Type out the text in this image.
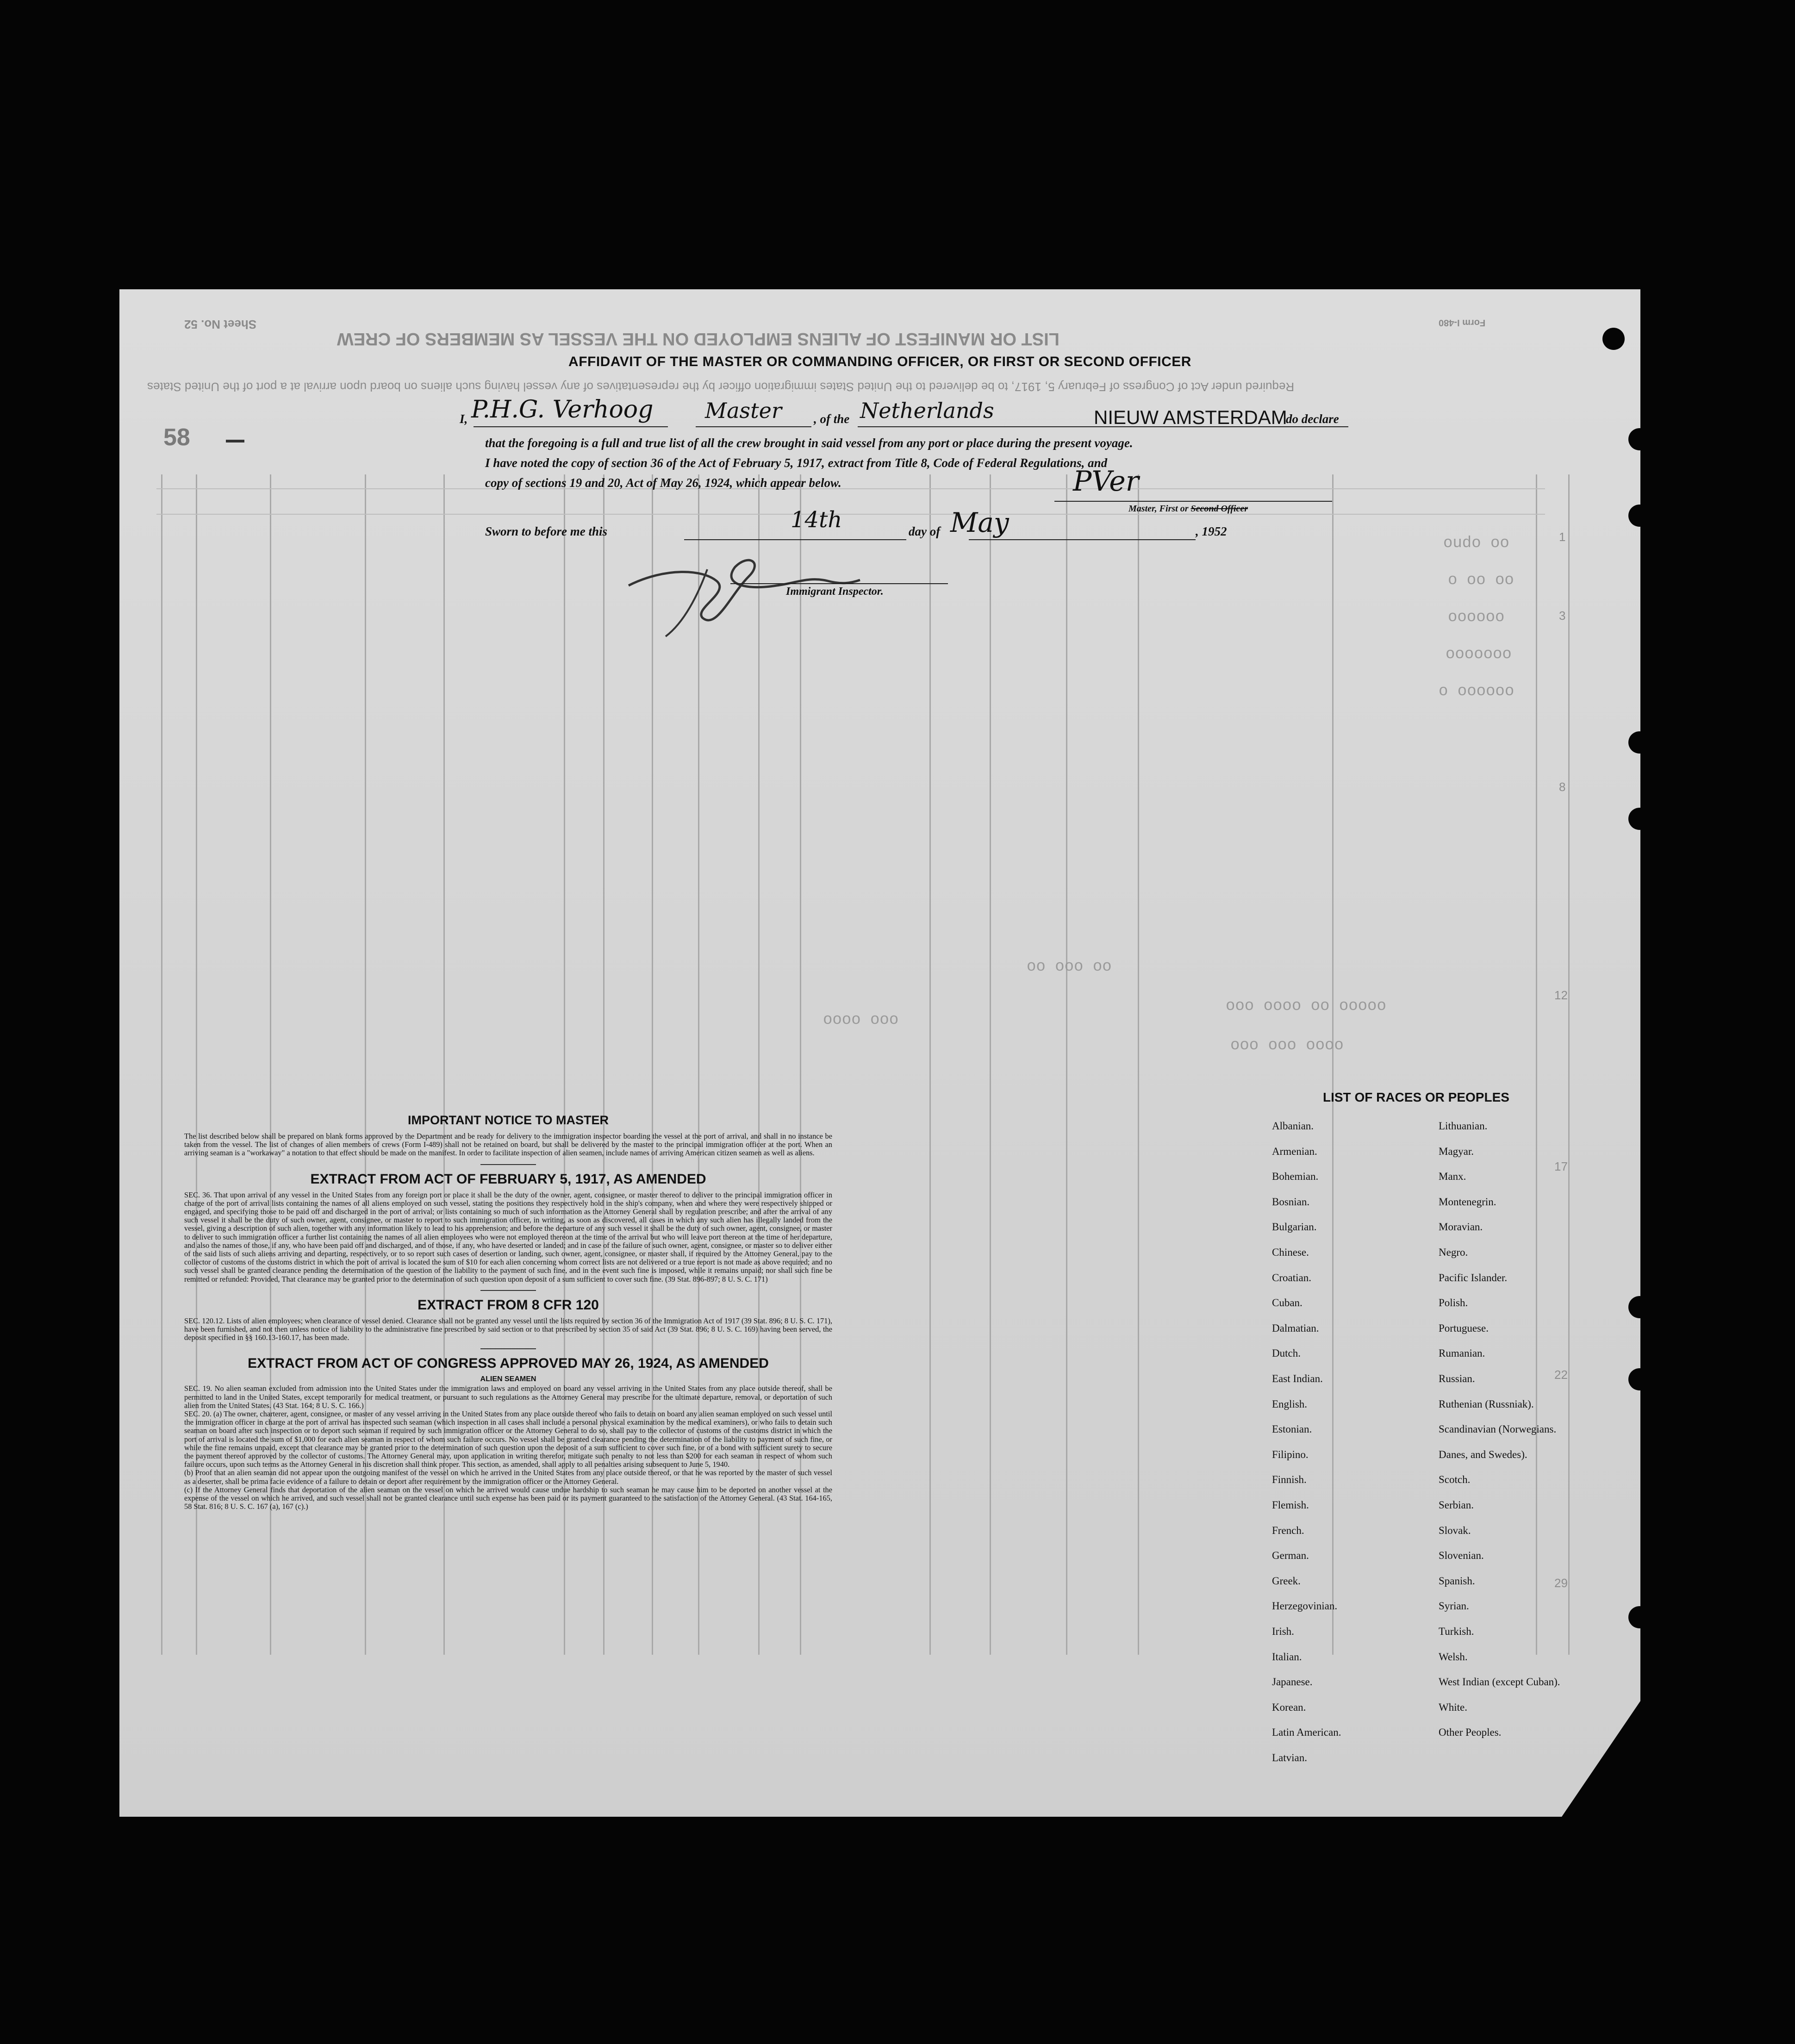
LIST OR MANIFEST OF ALIENS EMPLOYED ON THE VESSEL AS MEMBERS OF CREW
Sheet No. 52	Form I-480
Required under Act of Congress of February 5, 1917, to be delivered to the United States immigration officer by the representatives of any vessel having such aliens on board upon arrival at a port of the United States
oudo oo
o oo oo
oooooo
ooooooo
o oooooo
ooo oooo oo ooooo
ooo ooo oooo
oooo ooo
oo ooo oo
1
3
8
12
17
22
29
58
AFFIDAVIT OF THE MASTER OR COMMANDING OFFICER, OR FIRST OR SECOND OFFICER
I, P.H.G. Verhoog Master	, of the Netherlands	NIEUW AMSTERDAM
do declare
that the foregoing is a full and true list of all the crew brought in said vessel from any port or place during the present voyage.
I have noted the copy of section 36 of the Act of February 5, 1917, extract from Title 8, Code of Federal Regulations, and
copy of sections 19 and 20, Act of May 26, 1924, which appear below.
Sworn to before me this	14th	day of May	, 1952
PVer
Master, First or Second Officer
Immigrant Inspector.
IMPORTANT NOTICE TO MASTER

The list described below shall be prepared on blank forms approved by the Department and be ready for delivery to the immigration inspector boarding the vessel at the port of arrival, and shall in no instance be taken from the vessel. The list of changes of alien members of crews (Form I-489) shall not be retained on board, but shall be delivered by the master to the principal immigration officer at the port. When an arriving seaman is a "workaway" a notation to that effect should be made on the manifest. In order to facilitate inspection of alien seamen, include names of arriving American citizen seamen as well as aliens.

EXTRACT FROM ACT OF FEBRUARY 5, 1917, AS AMENDED

SEC. 36. That upon arrival of any vessel in the United States from any foreign port or place it shall be the duty of the owner, agent, consignee, or master thereof to deliver to the principal immigration officer in charge of the port of arrival lists containing the names of all aliens employed on such vessel, stating the positions they respectively hold in the ship's company, when and where they were respectively shipped or engaged, and specifying those to be paid off and discharged in the port of arrival; or lists containing so much of such information as the Attorney General shall by regulation prescribe; and after the arrival of any such vessel it shall be the duty of such owner, agent, consignee, or master to report to such immigration officer, in writing, as soon as discovered, all cases in which any such alien has illegally landed from the vessel, giving a description of such alien, together with any information likely to lead to his apprehension; and before the departure of any such vessel it shall be the duty of such owner, agent, consignee, or master to deliver to such immigration officer a further list containing the names of all alien employees who were not employed thereon at the time of the arrival but who will leave port thereon at the time of her departure, and also the names of those, if any, who have been paid off and discharged, and of those, if any, who have deserted or landed; and in case of the failure of such owner, agent, consignee, or master so to deliver either of the said lists of such aliens arriving and departing, respectively, or to so report such cases of desertion or landing, such owner, agent, consignee, or master shall, if required by the Attorney General, pay to the collector of customs of the customs district in which the port of arrival is located the sum of $10 for each alien concerning whom correct lists are not delivered or a true report is not made as above required; and no such vessel shall be granted clearance pending the determination of the question of the liability to the payment of such fine, and in the event such fine is imposed, while it remains unpaid; nor shall such fine be remitted or refunded: Provided, That clearance may be granted prior to the determination of such question upon deposit of a sum sufficient to cover such fine. (39 Stat. 896-897; 8 U. S. C. 171)

EXTRACT FROM 8 CFR 120

SEC. 120.12. Lists of alien employees; when clearance of vessel denied. Clearance shall not be granted any vessel until the lists required by section 36 of the Immigration Act of 1917 (39 Stat. 896; 8 U. S. C. 171), have been furnished, and not then unless notice of liability to the administrative fine prescribed by said section or to that prescribed by section 35 of said Act (39 Stat. 896; 8 U. S. C. 169) having been served, the deposit specified in §§ 160.13-160.17, has been made.

EXTRACT FROM ACT OF CONGRESS APPROVED MAY 26, 1924, AS AMENDED
ALIEN SEAMEN

SEC. 19. No alien seaman excluded from admission into the United States under the immigration laws and employed on board any vessel arriving in the United States from any place outside thereof, shall be permitted to land in the United States, except temporarily for medical treatment, or pursuant to such regulations as the Attorney General may prescribe for the ultimate departure, removal, or deportation of such alien from the United States. (43 Stat. 164; 8 U. S. C. 166.)

SEC. 20. (a) The owner, charterer, agent, consignee, or master of any vessel arriving in the United States from any place outside thereof who fails to detain on board any alien seaman employed on such vessel until the immigration officer in charge at the port of arrival has inspected such seaman (which inspection in all cases shall include a personal physical examination by the medical examiners), or who fails to detain such seaman on board after such inspection or to deport such seaman if required by such immigration officer or the Attorney General to do so, shall pay to the collector of customs of the customs district in which the port of arrival is located the sum of $1,000 for each alien seaman in respect of whom such failure occurs. No vessel shall be granted clearance pending the determination of the liability to payment of such fine, or while the fine remains unpaid, except that clearance may be granted prior to the determination of such question upon the deposit of a sum sufficient to cover such fine, or of a bond with sufficient surety to secure the payment thereof approved by the collector of customs. The Attorney General may, upon application in writing therefor, mitigate such penalty to not less than $200 for each seaman in respect of whom such failure occurs, upon such terms as the Attorney General in his discretion shall think proper. This section, as amended, shall apply to all penalties arising subsequent to June 5, 1940.

(b) Proof that an alien seaman did not appear upon the outgoing manifest of the vessel on which he arrived in the United States from any place outside thereof, or that he was reported by the master of such vessel as a deserter, shall be prima facie evidence of a failure to detain or deport after requirement by the immigration officer or the Attorney General.

(c) If the Attorney General finds that deportation of the alien seaman on the vessel on which he arrived would cause undue hardship to such seaman he may cause him to be deported on another vessel at the expense of the vessel on which he arrived, and such vessel shall not be granted clearance until such expense has been paid or its payment guaranteed to the satisfaction of the Attorney General. (43 Stat. 164-165, 58 Stat. 816; 8 U. S. C. 167 (a), 167 (c).)

LIST OF RACES OR PEOPLES
Albanian.
Armenian.
Bohemian.
Bosnian.
Bulgarian.
Chinese.
Croatian.
Cuban.
Dalmatian.
Dutch.
East Indian.
English.
Estonian.
Filipino.
Finnish.
Flemish.
French.
German.
Greek.
Herzegovinian.
Irish.
Italian.
Japanese.
Korean.
Latin American.
Latvian.
Lithuanian.
Magyar.
Manx.
Montenegrin.
Moravian.
Negro.
Pacific Islander.
Polish.
Portuguese.
Rumanian.
Russian.
Ruthenian (Russniak).
Scandinavian (Norwegians.
Danes, and Swedes).
Scotch.
Serbian.
Slovak.
Slovenian.
Spanish.
Syrian.
Turkish.
Welsh.
West Indian (except Cuban).
White.
Other Peoples.
